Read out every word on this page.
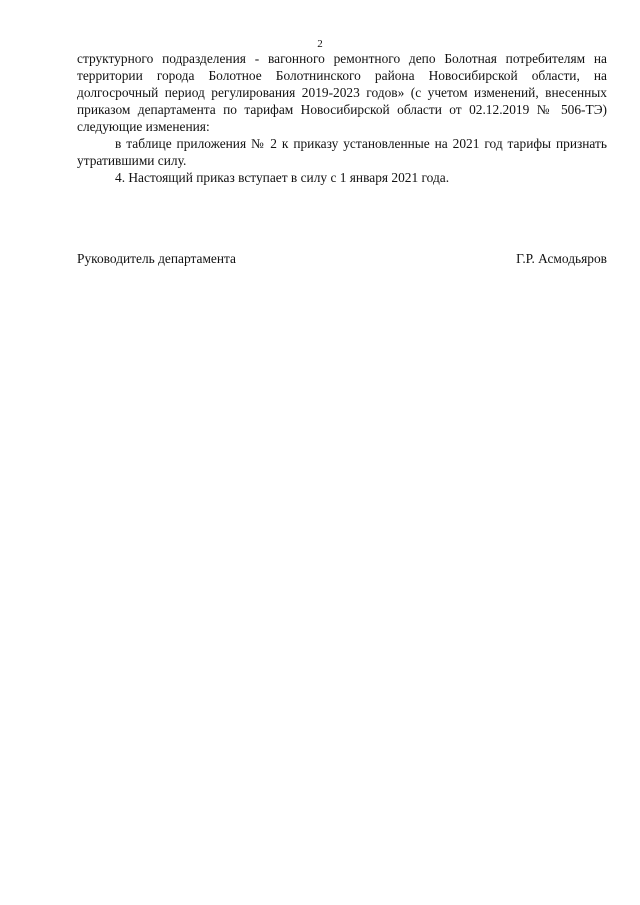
2

структурного подразделения - вагонного ремонтного депо Болотная потребителям на территории города Болотное Болотнинского района Новосибирской области, на долгосрочный период регулирования 2019-2023 годов» (с учетом изменений, внесенных приказом департамента по тарифам Новосибирской области от 02.12.2019 № 506-ТЭ) следующие изменения:

в таблице приложения № 2 к приказу установленные на 2021 год тарифы признать утратившими силу.

4. Настоящий приказ вступает в силу с 1 января 2021 года.

Руководитель департамента	Г.Р. Асмодьяров
